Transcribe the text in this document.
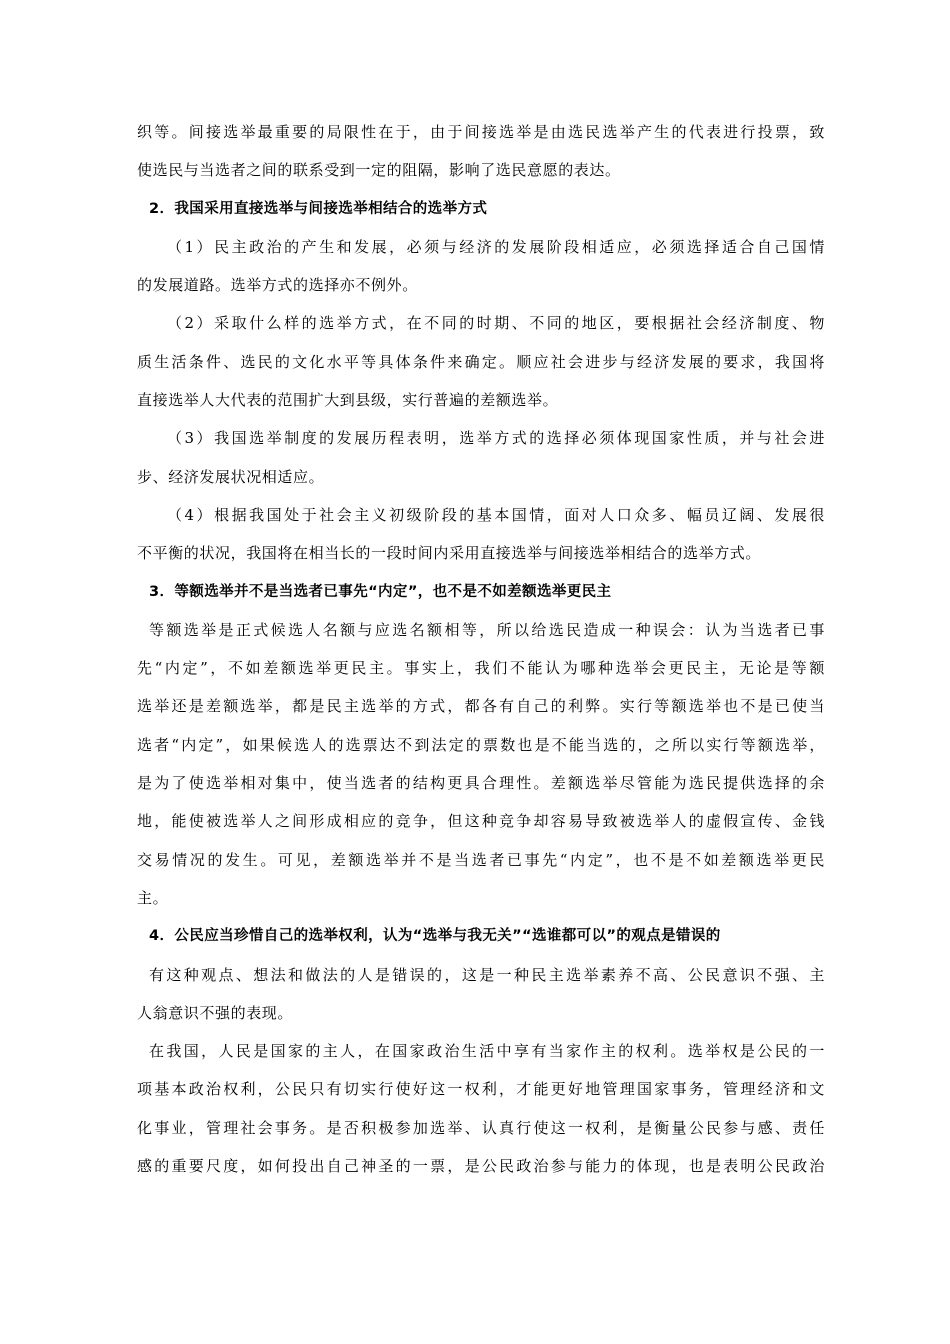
织等。间接选举最重要的局限性在于，由于间接选举是由选民选举产生的代表进行投票，致
使选民与当选者之间的联系受到一定的阻隔，影响了选民意愿的表达。
2．我国采用直接选举与间接选举相结合的选举方式
（1）民主政治的产生和发展，必须与经济的发展阶段相适应，必须选择适合自己国情
的发展道路。选举方式的选择亦不例外。
（2）采取什么样的选举方式，在不同的时期、不同的地区，要根据社会经济制度、物
质生活条件、选民的文化水平等具体条件来确定。顺应社会进步与经济发展的要求，我国将
直接选举人大代表的范围扩大到县级，实行普遍的差额选举。
（3）我国选举制度的发展历程表明，选举方式的选择必须体现国家性质，并与社会进
步、经济发展状况相适应。
（4）根据我国处于社会主义初级阶段的基本国情，面对人口众多、幅员辽阔、发展很
不平衡的状况，我国将在相当长的一段时间内采用直接选举与间接选举相结合的选举方式。
3．等额选举并不是当选者已事先“内定”，也不是不如差额选举更民主
等额选举是正式候选人名额与应选名额相等，所以给选民造成一种误会：认为当选者已事
先“内定”，不如差额选举更民主。事实上，我们不能认为哪种选举会更民主，无论是等额
选举还是差额选举，都是民主选举的方式，都各有自己的利弊。实行等额选举也不是已使当
选者“内定”，如果候选人的选票达不到法定的票数也是不能当选的，之所以实行等额选举，
是为了使选举相对集中，使当选者的结构更具合理性。差额选举尽管能为选民提供选择的余
地，能使被选举人之间形成相应的竞争，但这种竞争却容易导致被选举人的虚假宣传、金钱
交易情况的发生。可见，差额选举并不是当选者已事先“内定”，也不是不如差额选举更民
主。
4．公民应当珍惜自己的选举权利，认为“选举与我无关”“选谁都可以”的观点是错误的
有这种观点、想法和做法的人是错误的，这是一种民主选举素养不高、公民意识不强、主
人翁意识不强的表现。
在我国，人民是国家的主人，在国家政治生活中享有当家作主的权利。选举权是公民的一
项基本政治权利，公民只有切实行使好这一权利，才能更好地管理国家事务，管理经济和文
化事业，管理社会事务。是否积极参加选举、认真行使这一权利，是衡量公民参与感、责任
感的重要尺度，如何投出自己神圣的一票，是公民政治参与能力的体现，也是表明公民政治
